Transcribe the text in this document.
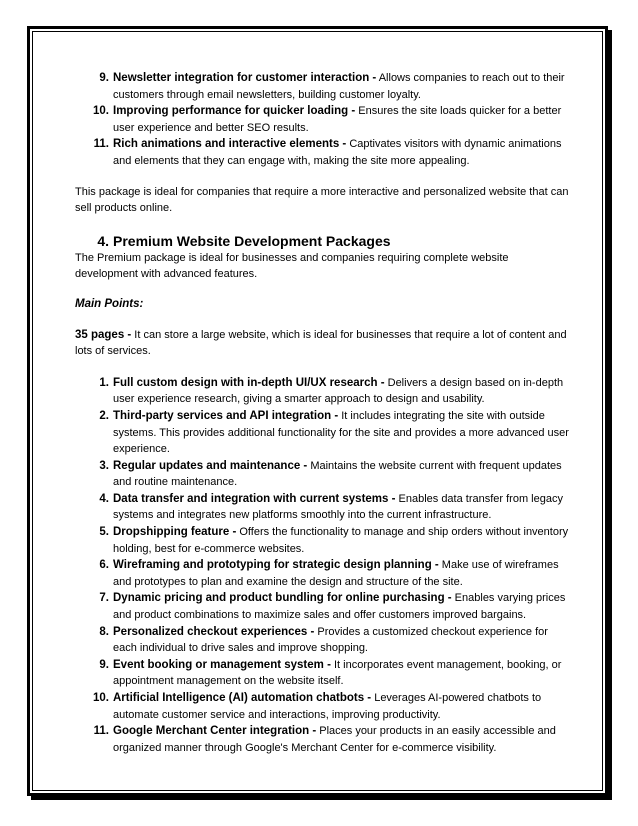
9. Newsletter integration for customer interaction - Allows companies to reach out to their customers through email newsletters, building customer loyalty.
10. Improving performance for quicker loading - Ensures the site loads quicker for a better user experience and better SEO results.
11. Rich animations and interactive elements - Captivates visitors with dynamic animations and elements that they can engage with, making the site more appealing.

This package is ideal for companies that require a more interactive and personalized website that can sell products online.

4. Premium Website Development Packages

The Premium package is ideal for businesses and companies requiring complete website development with advanced features.

Main Points:

35 pages - It can store a large website, which is ideal for businesses that require a lot of content and lots of services.

1. Full custom design with in-depth UI/UX research - Delivers a design based on in-depth user experience research, giving a smarter approach to design and usability.
2. Third-party services and API integration - It includes integrating the site with outside systems. This provides additional functionality for the site and provides a more advanced user experience.
3. Regular updates and maintenance - Maintains the website current with frequent updates and routine maintenance.
4. Data transfer and integration with current systems - Enables data transfer from legacy systems and integrates new platforms smoothly into the current infrastructure.
5. Dropshipping feature - Offers the functionality to manage and ship orders without inventory holding, best for e-commerce websites.
6. Wireframing and prototyping for strategic design planning - Make use of wireframes and prototypes to plan and examine the design and structure of the site.
7. Dynamic pricing and product bundling for online purchasing - Enables varying prices and product combinations to maximize sales and offer customers improved bargains.
8. Personalized checkout experiences - Provides a customized checkout experience for each individual to drive sales and improve shopping.
9. Event booking or management system - It incorporates event management, booking, or appointment management on the website itself.
10. Artificial Intelligence (AI) automation chatbots - Leverages AI-powered chatbots to automate customer service and interactions, improving productivity.
11. Google Merchant Center integration - Places your products in an easily accessible and organized manner through Google's Merchant Center for e-commerce visibility.
